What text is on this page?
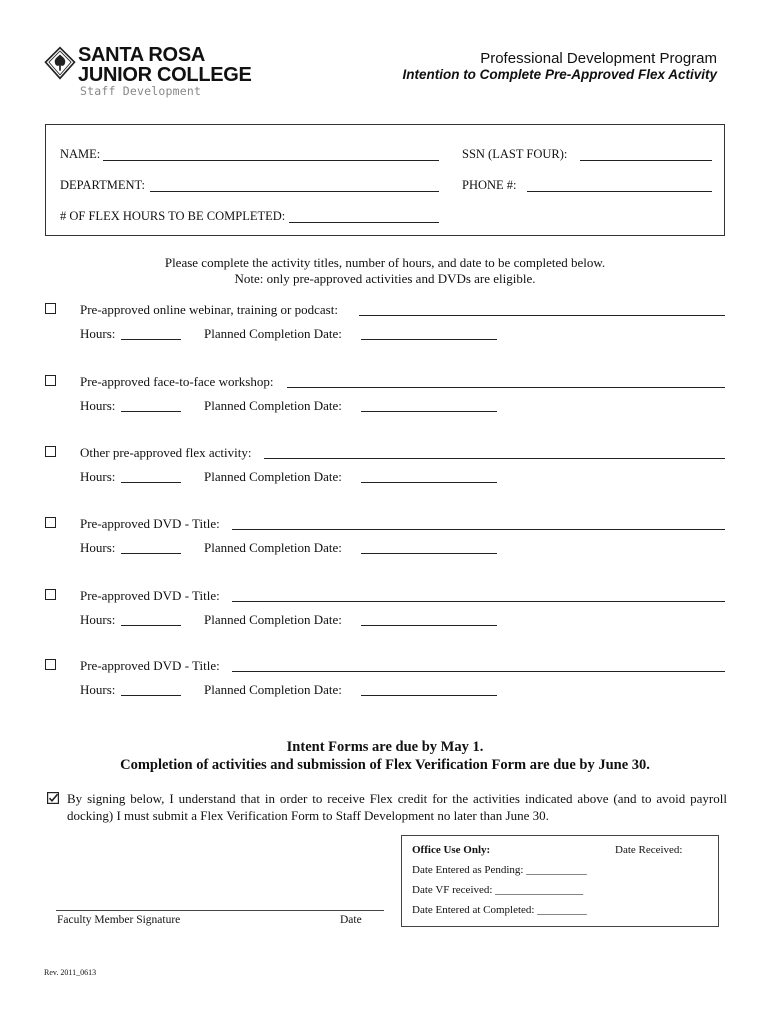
SANTA ROSA
JUNIOR COLLEGE
Staff Development
Professional Development Program
Intention to Complete Pre-Approved Flex Activity
NAME:	SSN (LAST FOUR):
DEPARTMENT:	PHONE #:
# OF FLEX HOURS TO BE COMPLETED:
Please complete the activity titles, number of hours, and date to be completed below.
Note: only pre-approved activities and DVDs are eligible.
Pre-approved online webinar, training or podcast:
Hours:	Planned Completion Date:
Pre-approved face-to-face workshop:
Hours:	Planned Completion Date:
Other pre-approved flex activity:
Hours:	Planned Completion Date:
Pre-approved DVD - Title:
Hours:	Planned Completion Date:
Pre-approved DVD - Title:
Hours:	Planned Completion Date:
Pre-approved DVD - Title:
Hours:	Planned Completion Date:
Intent Forms are due by May 1.
Completion of activities and submission of Flex Verification Form are due by June 30.
By signing below, I understand that in order to receive Flex credit for the activities indicated above (and to avoid payroll docking) I must submit a Flex Verification Form to Staff Development no later than June 30.
Office Use Only:	Date Received:
Date Entered as Pending: ___________
Date VF received: ________________
Date Entered at Completed: _________
Faculty Member Signature	Date
Rev. 2011_0613
